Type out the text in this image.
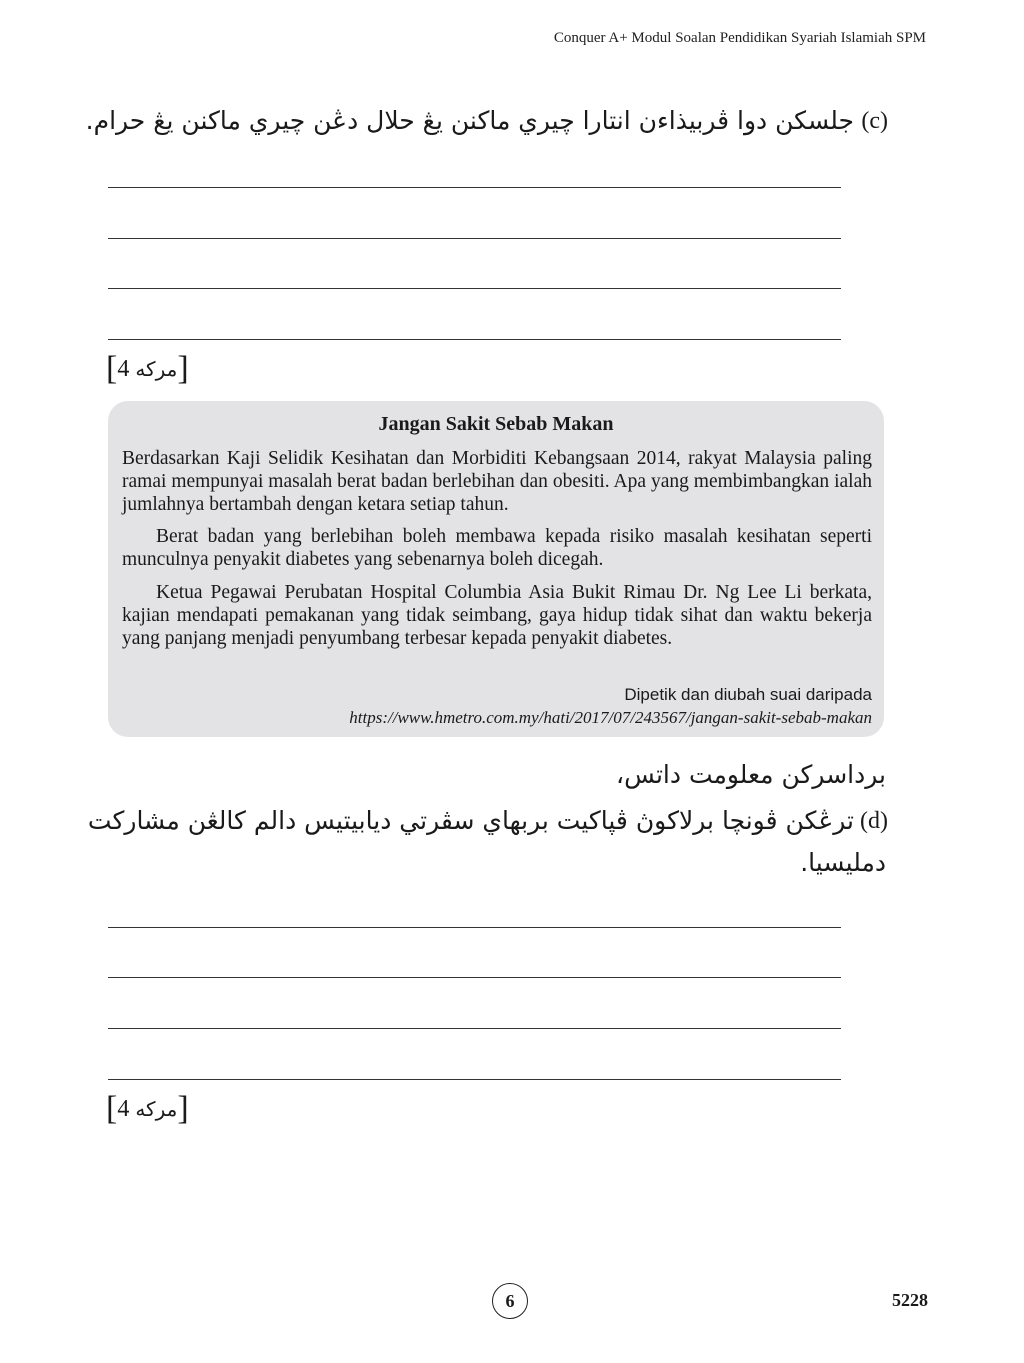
Conquer A+ Modul Soalan Pendidikan Syariah Islamiah SPM
(c)
جلسكن دوا ڤربيذاءن انتارا چيري ماكنن يڠ حلال دڠن چيري ماكنن يڠ حرام.
[4 مركه]
Jangan Sakit Sebab Makan

Berdasarkan Kaji Selidik Kesihatan dan Morbiditi Kebangsaan 2014, rakyat Malaysia paling ramai mempunyai masalah berat badan berlebihan dan obesiti. Apa yang membimbangkan ialah jumlahnya bertambah dengan ketara setiap tahun.

Berat badan yang berlebihan boleh membawa kepada risiko masalah kesihatan seperti munculnya penyakit diabetes yang sebenarnya boleh dicegah.

Ketua Pegawai Perubatan Hospital Columbia Asia Bukit Rimau Dr. Ng Lee Li berkata, kajian mendapati pemakanan yang tidak seimbang, gaya hidup tidak sihat dan waktu bekerja yang panjang menjadi penyumbang terbesar kepada penyakit diabetes.

Dipetik dan diubah suai daripada
https://www.hmetro.com.my/hati/2017/07/243567/jangan-sakit-sebab-makan
برداسركن معلومت د​اتس،
(d)
ترڠكن ڤونچا برلاكوڽ ڤڽاكيت بربهاي سڤرتي ديابيتيس دالم كالڠن مشاركت
دمليسيا.
[4 مركه]
6	5228
